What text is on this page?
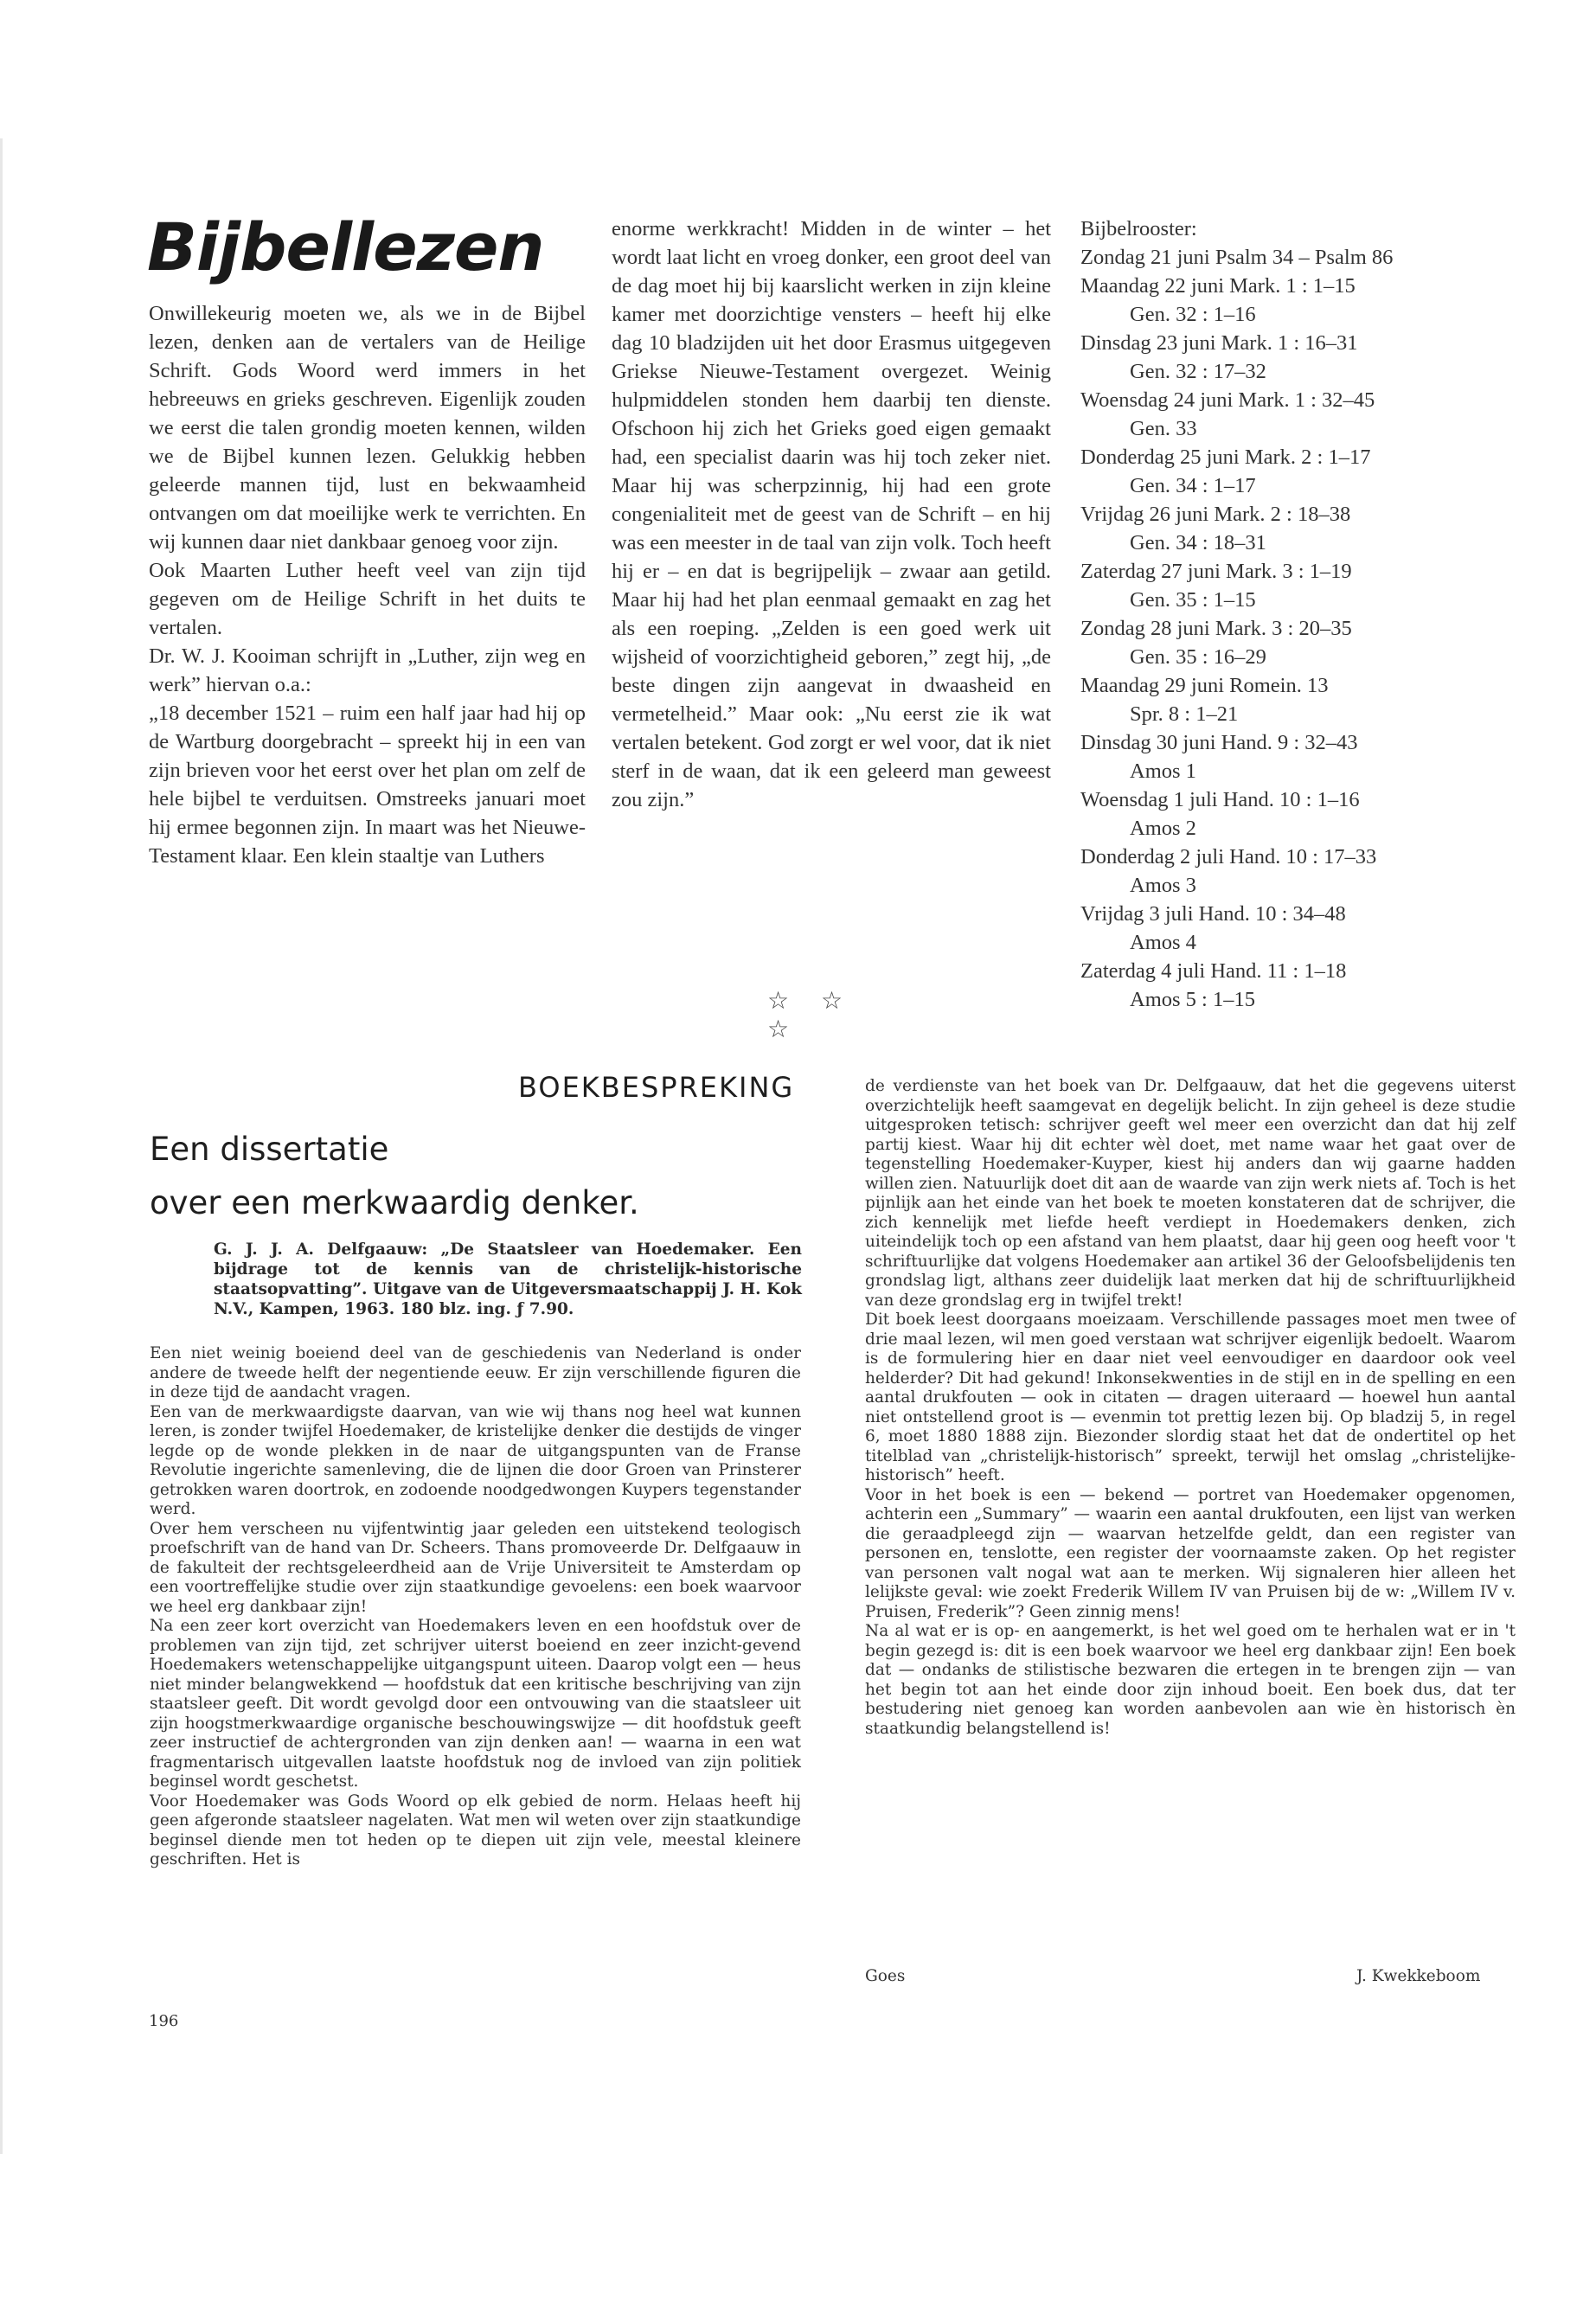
Bijbellezen

Onwillekeurig moeten we, als we in de Bijbel lezen, denken aan de vertalers van de Heilige Schrift. Gods Woord werd immers in het hebreeuws en grieks geschreven. Eigenlijk zouden we eerst die talen grondig moeten kennen, wilden we de Bijbel kunnen lezen. Gelukkig hebben geleerde mannen tijd, lust en bekwaamheid ontvangen om dat moeilijke werk te verrichten. En wij kunnen daar niet dankbaar genoeg voor zijn.

Ook Maarten Luther heeft veel van zijn tijd gegeven om de Heilige Schrift in het duits te vertalen.

Dr. W. J. Kooiman schrijft in „Luther, zijn weg en werk” hiervan o.a.:

„18 december 1521 – ruim een half jaar had hij op de Wartburg doorgebracht – spreekt hij in een van zijn brieven voor het eerst over het plan om zelf de hele bijbel te verduitsen. Omstreeks januari moet hij ermee begonnen zijn. In maart was het Nieuwe-Testament klaar. Een klein staaltje van Luthers

enorme werkkracht! Midden in de winter – het wordt laat licht en vroeg donker, een groot deel van de dag moet hij bij kaarslicht werken in zijn kleine kamer met doorzichtige vensters – heeft hij elke dag 10 bladzijden uit het door Erasmus uitgegeven Griekse Nieuwe-Testament overgezet. Weinig hulpmiddelen stonden hem daarbij ten dienste. Ofschoon hij zich het Grieks goed eigen gemaakt had, een specialist daarin was hij toch zeker niet. Maar hij was scherpzinnig, hij had een grote congenialiteit met de geest van de Schrift – en hij was een meester in de taal van zijn volk. Toch heeft hij er – en dat is begrijpelijk – zwaar aan getild. Maar hij had het plan eenmaal gemaakt en zag het als een roeping. „Zelden is een goed werk uit wijsheid of voorzichtigheid geboren,” zegt hij, „de beste dingen zijn aangevat in dwaasheid en vermetelheid.” Maar ook: „Nu eerst zie ik wat vertalen betekent. God zorgt er wel voor, dat ik niet sterf in de waan, dat ik een geleerd man geweest zou zijn.”

☆ ☆ ☆
Bijbelrooster:
Zondag 21 juni Psalm 34 – Psalm 86
Maandag 22 juni Mark. 1 : 1–15
Gen. 32 : 1–16
Dinsdag 23 juni Mark. 1 : 16–31
Gen. 32 : 17–32
Woensdag 24 juni Mark. 1 : 32–45
Gen. 33
Donderdag 25 juni Mark. 2 : 1–17
Gen. 34 : 1–17
Vrijdag 26 juni Mark. 2 : 18–38
Gen. 34 : 18–31
Zaterdag 27 juni Mark. 3 : 1–19
Gen. 35 : 1–15
Zondag 28 juni Mark. 3 : 20–35
Gen. 35 : 16–29
Maandag 29 juni Romein. 13
Spr. 8 : 1–21
Dinsdag 30 juni Hand. 9 : 32–43
Amos 1
Woensdag 1 juli Hand. 10 : 1–16
Amos 2
Donderdag 2 juli Hand. 10 : 17–33
Amos 3
Vrijdag 3 juli Hand. 10 : 34–48
Amos 4
Zaterdag 4 juli Hand. 11 : 1–18
Amos 5 : 1–15
BOEKBESPREKING
Een dissertatie
over een merkwaardig denker.

G. J. J. A. Delfgaauw: „De Staatsleer van Hoedemaker. Een bijdrage tot de kennis van de christelijk-historische staatsopvatting”. Uitgave van de Uitgeversmaatschappij J. H. Kok N.V., Kampen, 1963. 180 blz. ing. ƒ 7.90.

Een niet weinig boeiend deel van de geschiedenis van Nederland is onder andere de tweede helft der negentiende eeuw. Er zijn verschillende figuren die in deze tijd de aandacht vragen.

Een van de merkwaardigste daarvan, van wie wij thans nog heel wat kunnen leren, is zonder twijfel Hoedemaker, de kristelijke denker die destijds de vinger legde op de wonde plekken in de naar de uitgangspunten van de Franse Revolutie ingerichte samenleving, die de lijnen die door Groen van Prinsterer getrokken waren doortrok, en zodoende noodgedwongen Kuypers tegenstander werd.

Over hem verscheen nu vijfentwintig jaar geleden een uitstekend teologisch proefschrift van de hand van Dr. Scheers. Thans promoveerde Dr. Delfgaauw in de fakulteit der rechtsgeleerdheid aan de Vrije Universiteit te Amsterdam op een voortreffelijke studie over zijn staatkundige gevoelens: een boek waarvoor we heel erg dankbaar zijn!

Na een zeer kort overzicht van Hoedemakers leven en een hoofdstuk over de problemen van zijn tijd, zet schrijver uiterst boeiend en zeer inzicht-gevend Hoedemakers wetenschappelijke uitgangspunt uiteen. Daarop volgt een — heus niet minder belangwekkend — hoofdstuk dat een kritische beschrijving van zijn staatsleer geeft. Dit wordt gevolgd door een ontvouwing van die staatsleer uit zijn hoogstmerkwaardige organische beschouwingswijze — dit hoofdstuk geeft zeer instructief de achtergronden van zijn denken aan! — waarna in een wat fragmentarisch uitgevallen laatste hoofdstuk nog de invloed van zijn politiek beginsel wordt geschetst.

Voor Hoedemaker was Gods Woord op elk gebied de norm. Helaas heeft hij geen afgeronde staatsleer nagelaten. Wat men wil weten over zijn staatkundige beginsel diende men tot heden op te diepen uit zijn vele, meestal kleinere geschriften. Het is

de verdienste van het boek van Dr. Delfgaauw, dat het die gegevens uiterst overzichtelijk heeft saamgevat en degelijk belicht. In zijn geheel is deze studie uitgesproken tetisch: schrijver geeft wel meer een overzicht dan dat hij zelf partij kiest. Waar hij dit echter wèl doet, met name waar het gaat over de tegenstelling Hoedemaker-Kuyper, kiest hij anders dan wij gaarne hadden willen zien. Natuurlijk doet dit aan de waarde van zijn werk niets af. Toch is het pijnlijk aan het einde van het boek te moeten konstateren dat de schrijver, die zich kennelijk met liefde heeft verdiept in Hoedemakers denken, zich uiteindelijk toch op een afstand van hem plaatst, daar hij geen oog heeft voor 't schriftuurlijke dat volgens Hoedemaker aan artikel 36 der Geloofsbelijdenis ten grondslag ligt, althans zeer duidelijk laat merken dat hij de schriftuurlijkheid van deze grondslag erg in twijfel trekt!

Dit boek leest doorgaans moeizaam. Verschillende passages moet men twee of drie maal lezen, wil men goed verstaan wat schrijver eigenlijk bedoelt. Waarom is de formulering hier en daar niet veel eenvoudiger en daardoor ook veel helderder? Dit had gekund! Inkonsekwenties in de stijl en in de spelling en een aantal drukfouten — ook in citaten — dragen uiteraard — hoewel hun aantal niet ontstellend groot is — evenmin tot prettig lezen bij. Op bladzij 5, in regel 6, moet 1880 1888 zijn. Biezonder slordig staat het dat de ondertitel op het titelblad van „christelijk-historisch” spreekt, terwijl het omslag „christelijke-historisch” heeft.

Voor in het boek is een — bekend — portret van Hoedemaker opgenomen, achterin een „Summary” — waarin een aantal drukfouten, een lijst van werken die geraadpleegd zijn — waarvan hetzelfde geldt, dan een register van personen en, tenslotte, een register der voornaamste zaken. Op het register van personen valt nogal wat aan te merken. Wij signaleren hier alleen het lelijkste geval: wie zoekt Frederik Willem IV van Pruisen bij de w: „Willem IV v. Pruisen, Frederik”? Geen zinnig mens!

Na al wat er is op- en aangemerkt, is het wel goed om te herhalen wat er in 't begin gezegd is: dit is een boek waarvoor we heel erg dankbaar zijn! Een boek dat — ondanks de stilistische bezwaren die ertegen in te brengen zijn — van het begin tot aan het einde door zijn inhoud boeit. Een boek dus, dat ter bestudering niet genoeg kan worden aanbevolen aan wie èn historisch èn staatkundig belangstellend is!

Goes	J. Kwekkeboom
196
